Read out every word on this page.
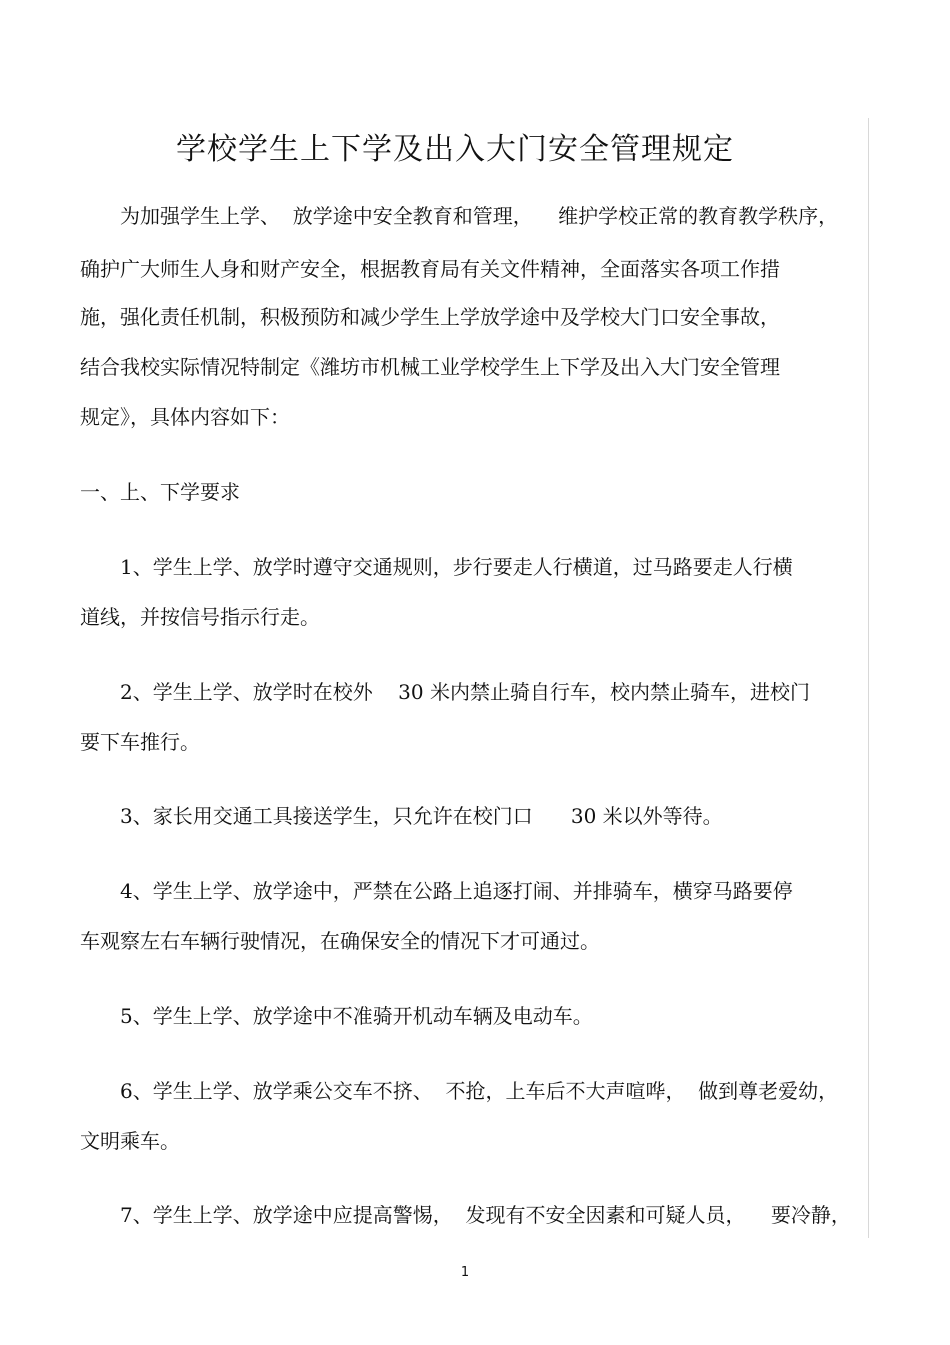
学校学生上下学及出入大门安全管理规定

为加强学生上学、  放学途中安全教育和管理，    维护学校正常的教育教学秩序，

确护广大师生人身和财产安全，根据教育局有关文件精神，全面落实各项工作措

施，强化责任机制，积极预防和减少学生上学放学途中及学校大门口安全事故，

结合我校实际情况特制定《潍坊市机械工业学校学生上下学及出入大门安全管理

规定》，具体内容如下：

一、上、下学要求

1、学生上学、放学时遵守交通规则，步行要走人行横道，过马路要走人行横

道线，并按信号指示行走。

2、学生上学、放学时在校外    30 米内禁止骑自行车，校内禁止骑车，进校门

要下车推行。

3、家长用交通工具接送学生，只允许在校门口      30 米以外等待。

4、学生上学、放学途中，严禁在公路上追逐打闹、并排骑车，横穿马路要停

车观察左右车辆行驶情况，在确保安全的情况下才可通过。

5、学生上学、放学途中不准骑开机动车辆及电动车。

6、学生上学、放学乘公交车不挤、  不抢，上车后不大声喧哗，  做到尊老爱幼，

文明乘车。

7、学生上学、放学途中应提高警惕，  发现有不安全因素和可疑人员，    要冷静，

1
